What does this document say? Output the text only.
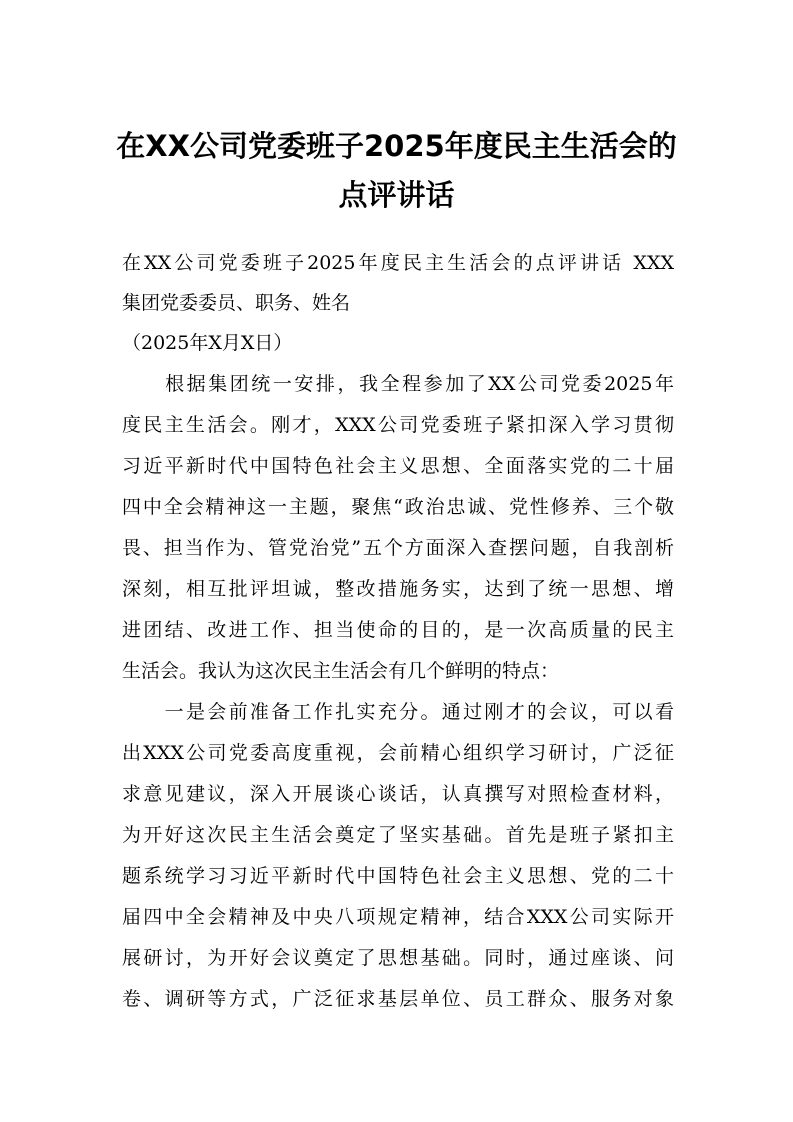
在XX公司党委班子2025年度民主生活会的
点评讲话

在XX公司党委班子2025年度民主生活会的点评讲话 XXX

集团党委委员、职务、姓名

（2025年X月X日）

　　根据集团统一安排，我全程参加了XX公司党委2025年

度民主生活会。刚才，XXX公司党委班子紧扣深入学习贯彻

习近平新时代中国特色社会主义思想、全面落实党的二十届

四中全会精神这一主题，聚焦“政治忠诚、党性修养、三个敬

畏、担当作为、管党治党”五个方面深入查摆问题，自我剖析

深刻，相互批评坦诚，整改措施务实，达到了统一思想、增

进团结、改进工作、担当使命的目的，是一次高质量的民主

生活会。我认为这次民主生活会有几个鲜明的特点：

　　一是会前准备工作扎实充分。通过刚才的会议，可以看

出XXX公司党委高度重视，会前精心组织学习研讨，广泛征

求意见建议，深入开展谈心谈话，认真撰写对照检查材料，

为开好这次民主生活会奠定了坚实基础。首先是班子紧扣主

题系统学习习近平新时代中国特色社会主义思想、党的二十

届四中全会精神及中央八项规定精神，结合XXX公司实际开

展研讨，为开好会议奠定了思想基础。同时，通过座谈、问

卷、调研等方式，广泛征求基层单位、员工群众、服务对象
